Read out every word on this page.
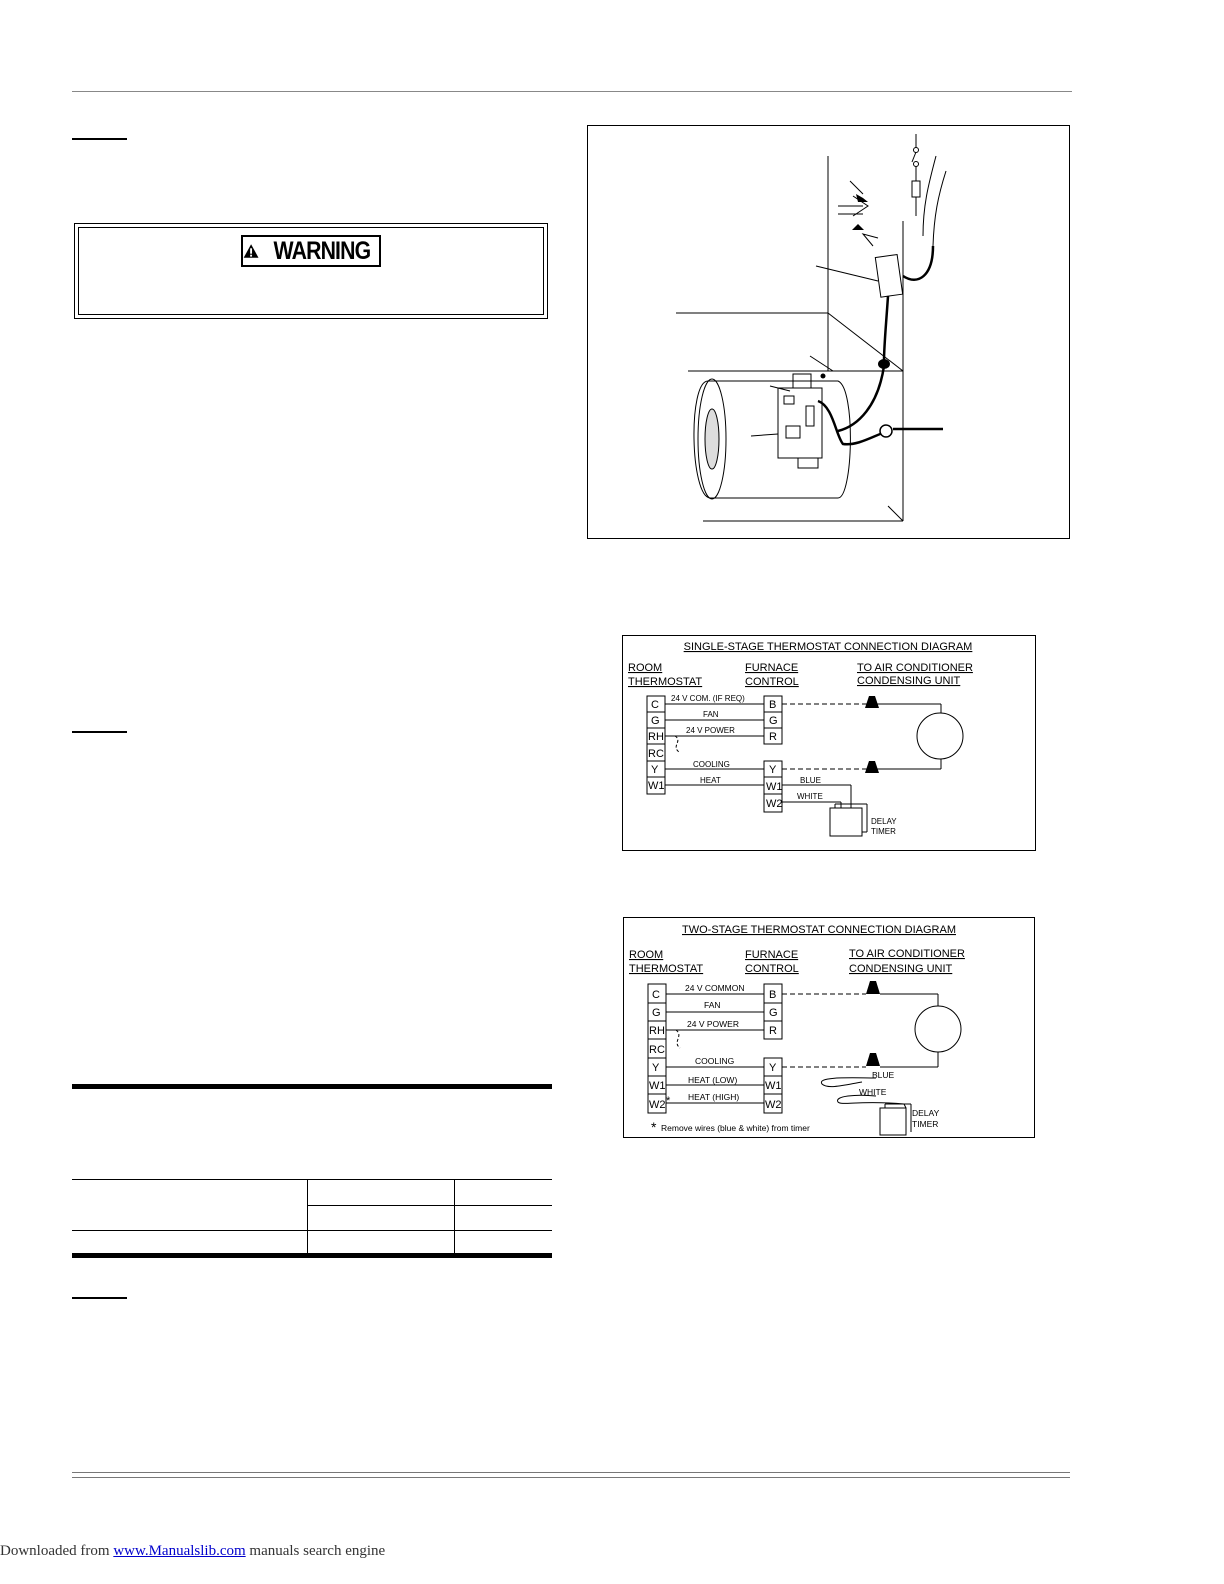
WARNING
SINGLE-STAGE THERMOSTAT CONNECTION DIAGRAM
ROOM
THERMOSTAT
FURNACE
CONTROL
TO AIR CONDITIONER
CONDENSING UNIT
C
G
RH
RC
Y
W1
B
G
R
Y
W1
W2
24 V COM. (IF REQ)
FAN
24 V POWER
COOLING
HEAT	BLUE
WHITE
DELAY
TIMER
TWO-STAGE THERMOSTAT CONNECTION DIAGRAM
ROOM
THERMOSTAT
FURNACE
CONTROL
TO AIR CONDITIONER
CONDENSING UNIT
C
G
RH
RC
Y
W1
W2
B
G
R
Y
W1
W2
24 V COMMON
FAN
24 V POWER
COOLING
HEAT (LOW)
HEAT (HIGH)
BLUE
WHITE
DELAY
TIMER
Remove wires (blue & white) from timer
*
*
Downloaded from www.Manualslib.com manuals search engine
